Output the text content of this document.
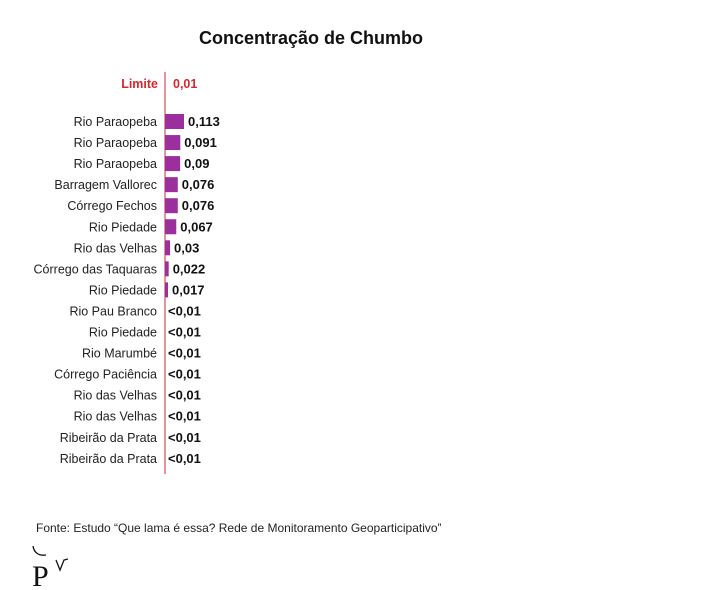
Concentração de Chumbo
Limite 0,01
Rio Paraopeba 0,113
Rio Paraopeba 0,091
Rio Paraopeba 0,09
Barragem Vallorec 0,076
Córrego Fechos 0,076
Rio Piedade 0,067
Rio das Velhas 0,03
Córrego das Taquaras 0,022
Rio Piedade 0,017
Rio Pau Branco <0,01
Rio Piedade <0,01
Rio Marumbé <0,01
Córrego Paciência <0,01
Rio das Velhas <0,01
Rio das Velhas <0,01
Ribeirão da Prata <0,01
Ribeirão da Prata <0,01
Fonte: Estudo “Que lama é essa? Rede de Monitoramento Geoparticipativo”
P
